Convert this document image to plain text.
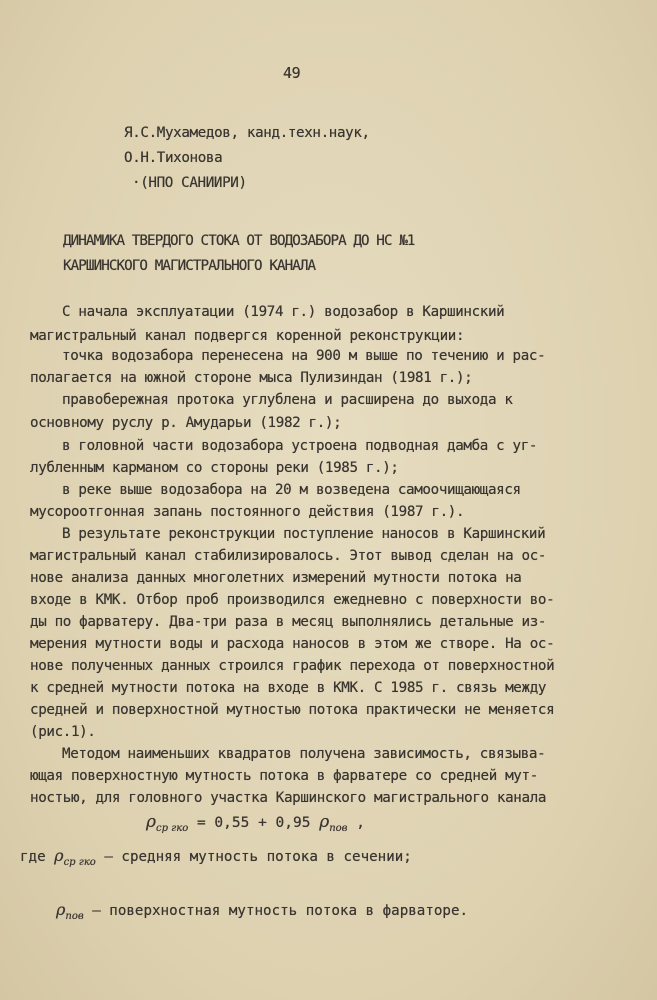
49
Я.С.Мухамедов, канд.техн.наук,
О.Н.Тихонова
·(НПО САНИИРИ)
ДИНАМИКА ТВЕРДОГО СТОКА ОТ ВОДОЗАБОРА ДО НС №1
КАРШИНСКОГО МАГИСТРАЛЬНОГО КАНАЛА
С начала эксплуатации (1974 г.) водозабор в Каршинский
магистральный канал подвергся коренной реконструкции:
точка водозабора перенесена на 900 м выше по течению и рас-
полагается на южной стороне мыса Пулизиндан (1981 г.);
правобережная протока углублена и расширена до выхода к
основному руслу р. Амударьи (1982 г.);
в головной части водозабора устроена подводная дамба с уг-
лубленным карманом со стороны реки (1985 г.);
в реке выше водозабора на 20 м возведена самоочищающаяся
мусороотгонная запань постоянного действия (1987 г.).
В результате реконструкции поступление наносов в Каршинский
магистральный канал стабилизировалось. Этот вывод сделан на ос-
нове анализа данных многолетних измерений мутности потока на
входе в КМК. Отбор проб производился ежедневно с поверхности во-
ды по фарватеру. Два-три раза в месяц выполнялись детальные из-
мерения мутности воды и расхода наносов в этом же створе. На ос-
нове полученных данных строился график перехода от поверхностной
к средней мутности потока на входе в КМК. С 1985 г. связь между
средней и поверхностной мутностью потока практически не меняется
(рис.1).
Методом наименьших квадратов получена зависимость, связыва-
ющая поверхностную мутность потока в фарватере со средней мут-
ностью, для головного участка Каршинского магистрального канала
$\rho_{ср гко} = 0,55 + 0,95$ $\rho_{пов}$ ,
где $\rho_{ср гко}$ – средняя мутность потока в сечении;
$\rho_{пов}$ – поверхностная мутность потока в фарваторе.
